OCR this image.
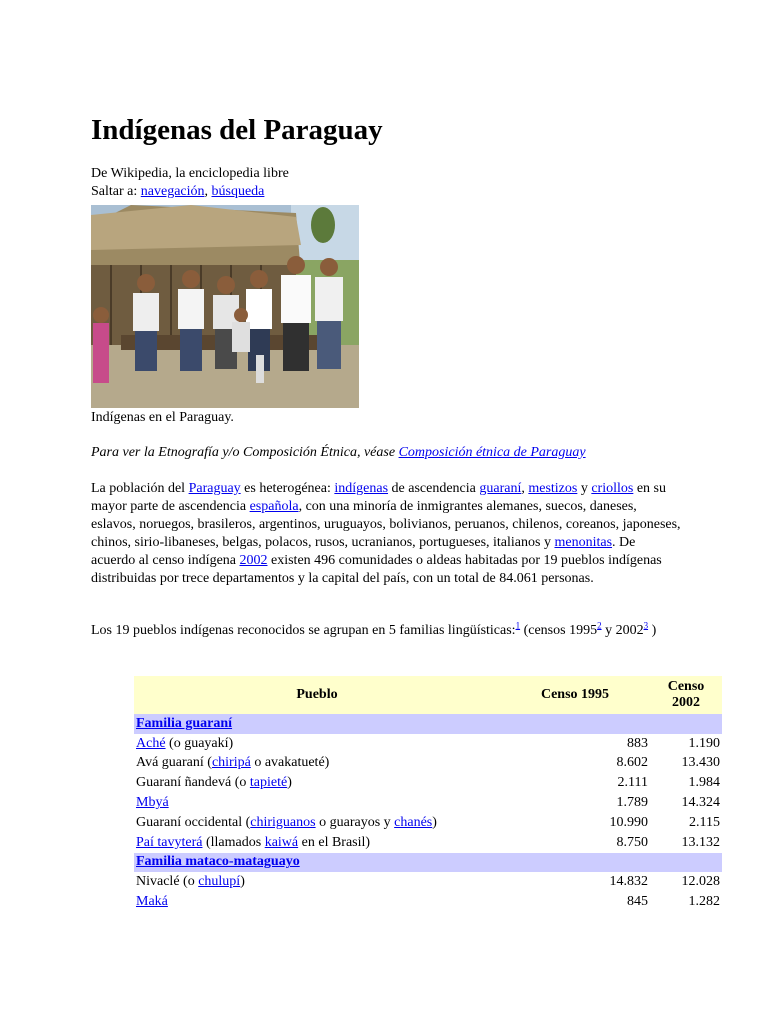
Indígenas del Paraguay
De Wikipedia, la enciclopedia libre
Saltar a: navegación, búsqueda
Indígenas en el Paraguay.
Para ver la Etnografía y/o Composición Étnica, véase Composición étnica de Paraguay
La población del Paraguay es heterogénea: indígenas de ascendencia guaraní, mestizos y criollos en su mayor parte de ascendencia española, con una minoría de inmigrantes alemanes, suecos, daneses, eslavos, noruegos, brasileros, argentinos, uruguayos, bolivianos, peruanos, chilenos, coreanos, japoneses, chinos, sirio-libaneses, belgas, polacos, rusos, ucranianos, portugueses, italianos y menonitas. De acuerdo al censo indígena 2002 existen 496 comunidades o aldeas habitadas por 19 pueblos indígenas distribuidas por trece departamentos y la capital del país, con un total de 84.061 personas.
Los 19 pueblos indígenas reconocidos se agrupan en 5 familias lingüísticas:$^1$ (censos 1995$^2$ y 2002$^3$ )
Pueblo	Censo 1995	Censo 2002
Familia guaraní		
Aché (o guayakí)	883	1.190
Avá guaraní (chiripá o avakatueté)	8.602	13.430
Guaraní ñandevá (o tapieté)	2.111	1.984
Mbyá	1.789	14.324
Guaraní occidental (chiriguanos o guarayos y chanés)	10.990	2.115
Paí tavyterá (llamados kaiwá en el Brasil)	8.750	13.132
Familia mataco-mataguayo		
Nivaclé (o chulupí)	14.832	12.028
Maká	845	1.282
